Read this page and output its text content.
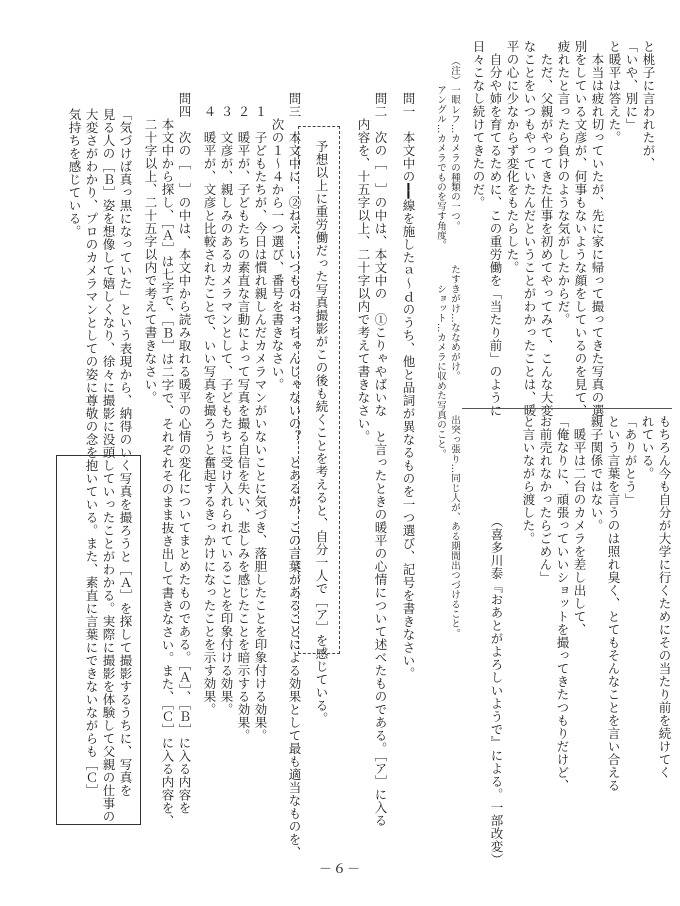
と桃子に言われたが、
「いや、別に」
と暖平は答えた。
　本当は疲れ切っていたが、先に家に帰って撮ってきた写真の選
別をしている文彦が、何事もないような顔をしているのを見て、
疲れたと言ったら負けのような気がしたからだ。
　ただ、父親がやってきた仕事を初めてやってみて、こんな大変
なことをいつもやっていたんだということがわかったことは、暖
平の心に少なからず変化をもたらした。
　自分や姉を育てるために、この重労働を「当たり前」のように
日々こなし続けてきたのだ。
（注）一眼レフ…カメラの種類の一つ。　　　　たすきがけ…ななめがけ。　　　　出突っ張り…同じ人が、ある期間出つづけること。
　　　アングル…カメラでものを写す角度。　　　　ショット…カメラに収めた写真のこと。
もちろん今も自分が大学に行くためにその当たり前を続けてく
れている。
「ありがとう」
という言葉を言うのは照れ臭く、とてもそんなことを言い合える
親子関係ではない。
　暖平は二台のカメラを差し出して、
「俺なりに、頑張っていいショットを撮ってきたつもりだけど、
お前売れなかったらごめん」
と言いながら渡した。
（喜多川泰『おあとがよろしいようで』による。一部改変）
問一　本文中の━━線を施したａ～ｄのうち、他と品詞が異なるものを一つ選び、記号を書きなさい。
問二　次の［　］の中は、本文中の　①こりゃやばいな　と言ったときの暖平の心情について述べたものである。［ア］に入る
　　内容を、十五字以上、二十字以内で考えて書きなさい。
予想以上に重労働だった写真撮影がこの後も続くことを考えると、自分一人で［ア］を感じている。
問三　本文中に　②ねえ、いつものおっちゃんじゃないの？　とあるが、この言葉があることによる効果として最も適当なものを、
　　次の１～４から一つ選び、番号を書きなさい。
　１　子どもたちが、今日は慣れ親しんだカメラマンがいないことに気づき、落胆したことを印象付ける効果。
　２　暖平が、子どもたちの素直な言動によって写真を撮る自信を失い、悲しみを感じたことを暗示する効果。
　３　文彦が、親しみのあるカメラマンとして、子どもたちに受け入れられていることを印象付ける効果。
　４　暖平が、文彦と比較されたことで、いい写真を撮ろうと奮起するきっかけになったことを示す効果。
問四　次の［　］の中は、本文中から読み取れる暖平の心情の変化についてまとめたものである。［Ａ］、［Ｂ］に入る内容を
　　本文中から探し、［Ａ］は七字で、［Ｂ］は二字で、それぞれそのまま抜き出して書きなさい。また、［Ｃ］に入る内容を、
　　二十字以上、二十五字以内で考えて書きなさい。
「気づけば真っ黒になっていた」という表現から、納得のいく写真を撮ろうと［Ａ］を探して撮影するうちに、写真を
見る人の［Ｂ］姿を想像して嬉しくなり、徐々に撮影に没頭していったことがわかる。実際に撮影を体験して父親の仕事の
大変さがわかり、プロのカメラマンとしての姿に尊敬の念を抱いている。また、素直に言葉にできないながらも［Ｃ］
気持ちを感じている。
－６－
